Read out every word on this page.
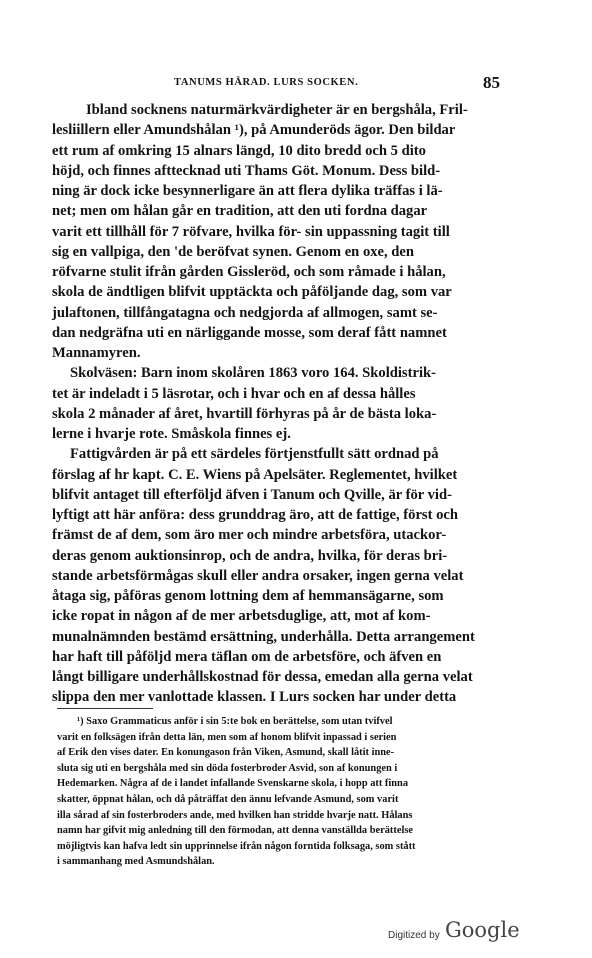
TANUMS HÄRAD. LURS SOCKEN.	85
Ibland socknens naturmärkvärdigheter är en bergshåla, Fril-
lesliillern eller Amundshålan ¹), på Amunderöds ägor. Den bildar
ett rum af omkring 15 alnars längd, 10 dito bredd och 5 dito
höjd, och finnes afttecknad uti Thams Göt. Monum. Dess bild-
ning är dock icke besynnerligare än att flera dylika träffas i lä-
net; men om hålan går en tradition, att den uti fordna dagar
varit ett tillhåll för 7 röfvare, hvilka för- sin uppassning tagit till
sig en vallpiga, den 'de beröfvat synen. Genom en oxe, den
röfvarne stulit ifrån gården Gissleröd, och som råmade i hålan,
skola de ändtligen blifvit upptäckta och påföljande dag, som var
julaftonen, tillfångatagna och nedgjorda af allmogen, samt se-
dan nedgräfna uti en närliggande mosse, som deraf fått namnet
Mannamyren.
Skolväsen: Barn inom skolåren 1863 voro 164. Skoldistrik-
tet är indeladt i 5 läsrotar, och i hvar och en af dessa hålles
skola 2 månader af året, hvartill förhyras på år de bästa loka-
lerne i hvarje rote. Småskola finnes ej.
Fattigvården är på ett särdeles förtjenstfullt sätt ordnad på
förslag af hr kapt. C. E. Wiens på Apelsäter. Reglementet, hvilket
blifvit antaget till efterföljd äfven i Tanum och Qville, är för vid-
lyftigt att här anföra: dess grunddrag äro, att de fattige, först och
främst de af dem, som äro mer och mindre arbetsföra, utackor-
deras genom auktionsinrop, och de andra, hvilka, för deras bri-
stande arbetsförmågas skull eller andra orsaker, ingen gerna velat
åtaga sig, påföras genom lottning dem af hemmansägarne, som
icke ropat in någon af de mer arbetsduglige, att, mot af kom-
munalnämnden bestämd ersättning, underhålla. Detta arrangement
har haft till påföljd mera täflan om de arbetsföre, och äfven en
långt billigare underhållskostnad för dessa, emedan alla gerna velat
slippa den mer vanlottade klassen. I Lurs socken har under detta
¹) Saxo Grammaticus anför i sin 5:te bok en berättelse, som utan tvifvel
varit en folksägen ifrån detta län, men som af honom blifvit inpassad i serien
af Erik den vises dater. En konungason från Viken, Asmund, skall låtit inne-
sluta sig uti en bergshåla med sin döda fosterbroder Asvid, son af konungen i
Hedemarken. Några af de i landet infallande Svenskarne skola, i hopp att finna
skatter, öppnat hålan, och då påträffat den ännu lefvande Asmund, som varit
illa sårad af sin fosterbroders ande, med hvilken han stridde hvarje natt. Hålans
namn har gifvit mig anledning till den förmodan, att denna vanställda berättelse
möjligtvis kan hafva ledt sin upprinnelse ifrån någon forntida folksaga, som stått
i sammanhang med Asmundshålan.
Digitized by Google
